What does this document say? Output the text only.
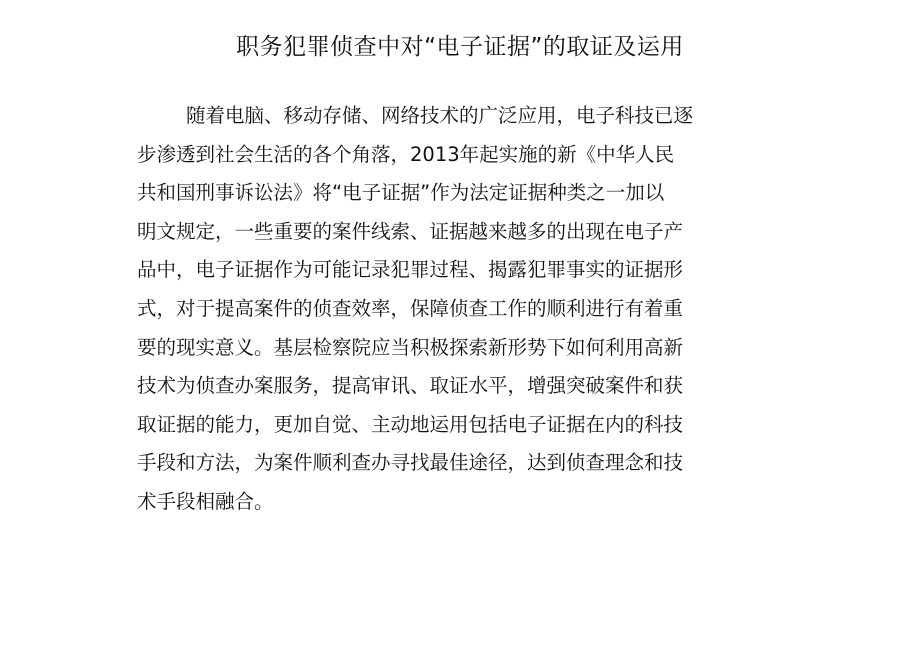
职务犯罪侦查中对“电子证据”的取证及运用
随着电脑、移动存储、网络技术的广泛应用，电子科技已逐
步渗透到社会生活的各个角落，2013年起实施的新《中华人民
共和国刑事诉讼法》将“电子证据”作为法定证据种类之一加以
明文规定，一些重要的案件线索、证据越来越多的出现在电子产
品中，电子证据作为可能记录犯罪过程、揭露犯罪事实的证据形
式，对于提高案件的侦查效率，保障侦查工作的顺利进行有着重
要的现实意义。基层检察院应当积极探索新形势下如何利用高新
技术为侦查办案服务，提高审讯、取证水平，增强突破案件和获
取证据的能力，更加自觉、主动地运用包括电子证据在内的科技
手段和方法，为案件顺利查办寻找最佳途径，达到侦查理念和技
术手段相融合。
